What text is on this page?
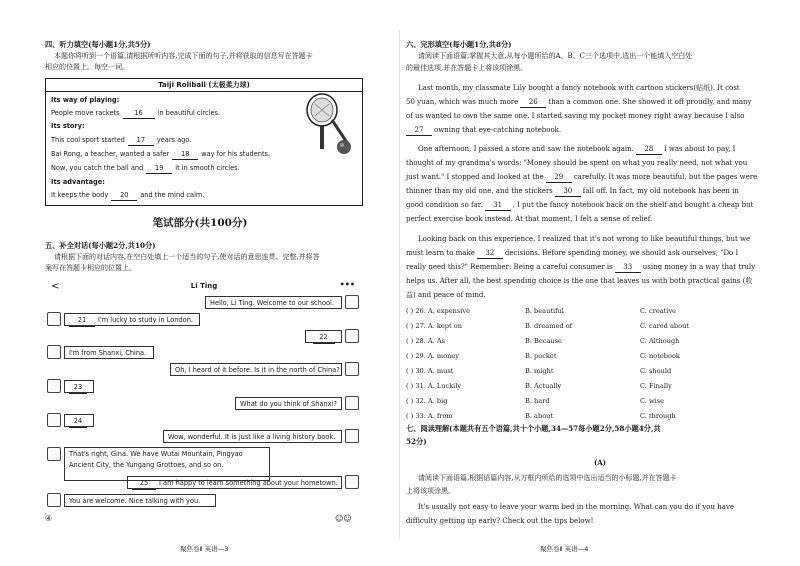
四、听力填空(每小题1分,共5分)
本题你将听到一个语篇,请根据所听内容,完成下面的句子,并将获取的信息写在答题卡
相应的位置上。每空一词。
Taiji Roliball (太极柔力球)
Its way of playing:
People move rackets 16 in beautiful circles.
Its story:
This cool sport started 17 years ago.
Bai Rong, a teacher, wanted a safer 18 way for his students.
Now, you catch the ball and 19 it in smooth circles.
Its advantage:
It keeps the body 20 and the mind calm.
笔试部分(共100分)
五、补全对话(每小题2分,共10分)
请根据下面的对话内容,在空白处填上一个适当的句子,使对话的意思连贯、完整,并将答
案写在答题卡相应的位置上。
<	Li Ting	•••
Hello, Li Ting. Welcome to our school.
21 I'm lucky to study in London.
22
I'm from Shanxi, China.
Oh, I heard of it before. Is it in the north of China?
23
24
What do you think of Shanxi?
Wow, wonderful. It is just like a living history book.
That's right, Gina. We have Wutai Mountain, Pingyao Ancient City, the Yungang Grottoes, and so on.
25 I am happy to learn something about your hometown.
You are welcome. Nice talking with you.
④	☺☺
聚焦卷Ⅱ 英语—3
六、完形填空(每小题1分,共8分)
请阅读下面语篇,掌握其大意,从每小题所给的A、B、C三个选项中,选出一个能填入空白处
的最佳选项,并在答题卡上将该项涂黑。
Last month, my classmate Lily bought a fancy notebook with cartoon stickers(贴纸). It cost
50 yuan, which was much more 26 than a common one. She showed it off proudly, and many
of us wanted to own the same one. I started saving my pocket money right away because I also
27 owning that eye-catching notebook.
One afternoon, I passed a store and saw the notebook again. 28 I was about to pay, I
thought of my grandma's words: "Money should be spent on what you really need, not what you
just want." I stopped and looked at the 29 carefully. It was more beautiful, but the pages were
thinner than my old one, and the stickers 30 fall off. In fact, my old notebook has been in
good condition so far. 31 , I put the fancy notebook back on the shelf and bought a cheap but
perfect exercise book instead. At that moment, I felt a sense of relief.
Looking back on this experience, I realized that it's not wrong to like beautiful things, but we
must learn to make 32 decisions. Before spending money, we should ask ourselves, "Do I
really need this?" Remember: Being a careful consumer is 33 using money in a way that truly
helps us. After all, the best spending choice is the one that leaves us with both practical gains (收
益) and peace of mind.
( ) 26. A. expensive	B. beautiful	C. creative
( ) 27. A. kept on	B. dreamed of	C. cared about
( ) 28. A. As	B. Because	C. Although
( ) 29. A. money	B. pocket	C. notebook
( ) 30. A. must	B. might	C. should
( ) 31. A. Luckily	B. Actually	C. Finally
( ) 32. A. big	B. hard	C. wise
( ) 33. A. from	B. about	C. through
七、阅读理解(本题共有五个语篇,共十个小题,34—57每小题2分,58小题4分,共
52分)
(A)
请阅读下面语篇,根据语篇内容,从方框内所给的选项中选出适当的小标题,并在答题卡
上将该项涂黑。
It's usually not easy to leave your warm bed in the morning. What can you do if you have
difficulty getting up early? Check out the tips below!
聚焦卷Ⅱ 英语—4
